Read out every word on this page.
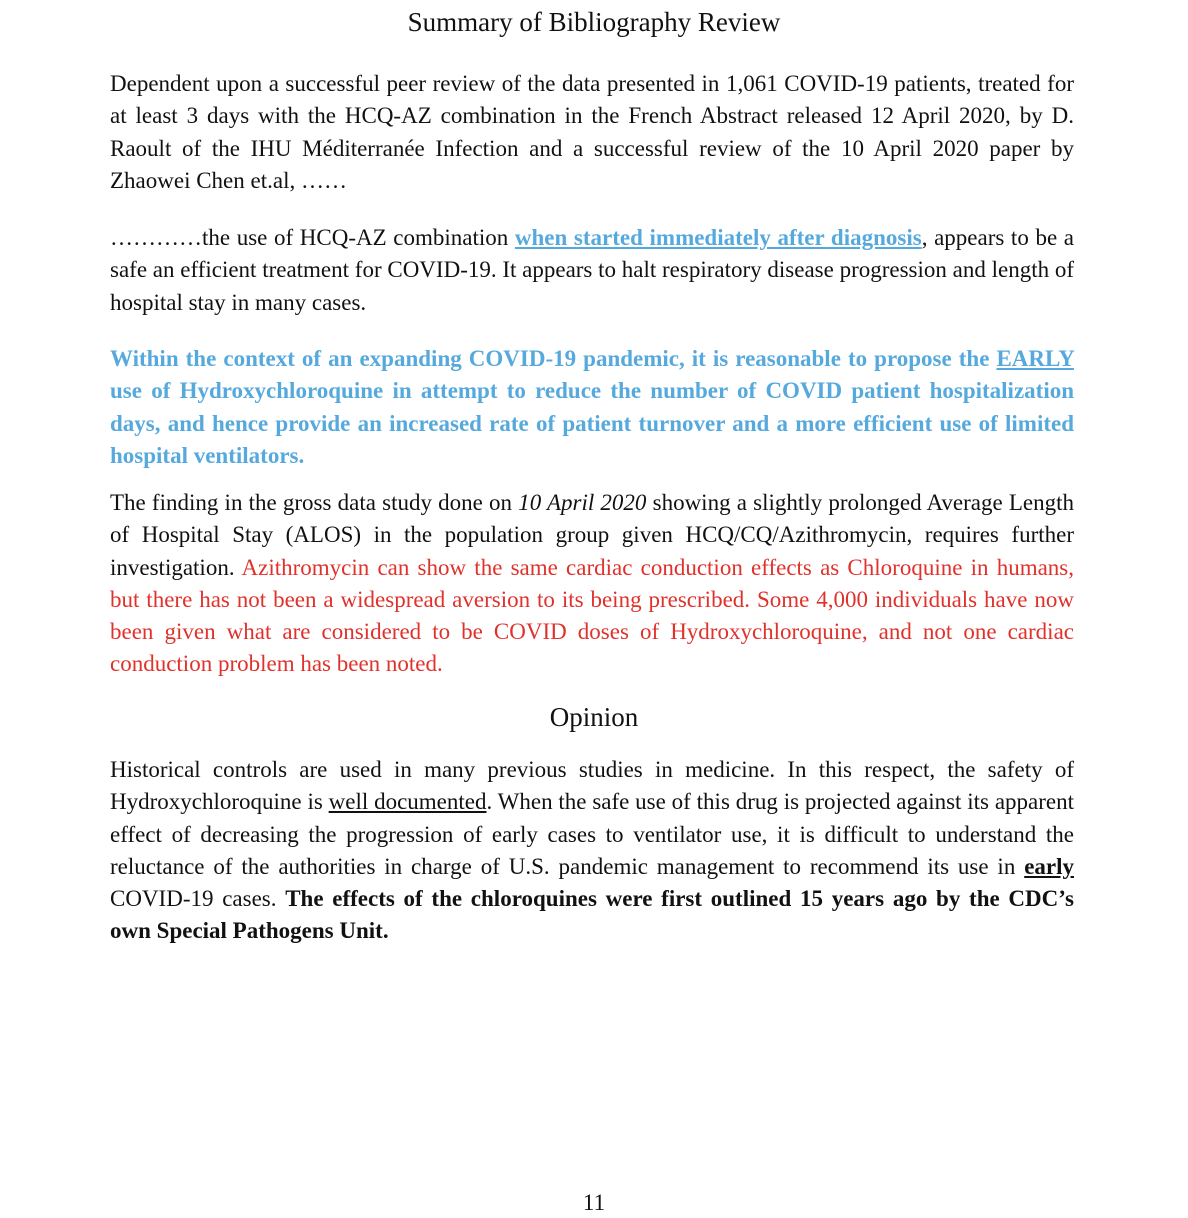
Summary of Bibliography Review

Dependent upon a successful peer review of the data presented in 1,061 COVID-19 patients, treated for at least 3 days with the HCQ-AZ combination in the French Abstract released 12 April 2020, by D. Raoult of the IHU Méditerranée Infection and a successful review of the 10 April 2020 paper by Zhaowei Chen et.al, ……

…………the use of HCQ-AZ combination when started immediately after diagnosis, appears to be a safe an efficient treatment for COVID-19. It appears to halt respiratory disease progression and length of hospital stay in many cases.

Within the context of an expanding COVID-19 pandemic, it is reasonable to propose the EARLY use of Hydroxychloroquine in attempt to reduce the number of COVID patient hospitalization days, and hence provide an increased rate of patient turnover and a more efficient use of limited hospital ventilators.

The finding in the gross data study done on 10 April 2020 showing a slightly prolonged Average Length of Hospital Stay (ALOS) in the population group given HCQ/CQ/Azithromycin, requires further investigation. Azithromycin can show the same cardiac conduction effects as Chloroquine in humans, but there has not been a widespread aversion to its being prescribed. Some 4,000 individuals have now been given what are considered to be COVID doses of Hydroxychloroquine, and not one cardiac conduction problem has been noted.

Opinion

Historical controls are used in many previous studies in medicine. In this respect, the safety of Hydroxychloroquine is well documented. When the safe use of this drug is projected against its apparent effect of decreasing the progression of early cases to ventilator use, it is difficult to understand the reluctance of the authorities in charge of U.S. pandemic management to recommend its use in early COVID-19 cases. The effects of the chloroquines were first outlined 15 years ago by the CDC’s own Special Pathogens Unit.

11
